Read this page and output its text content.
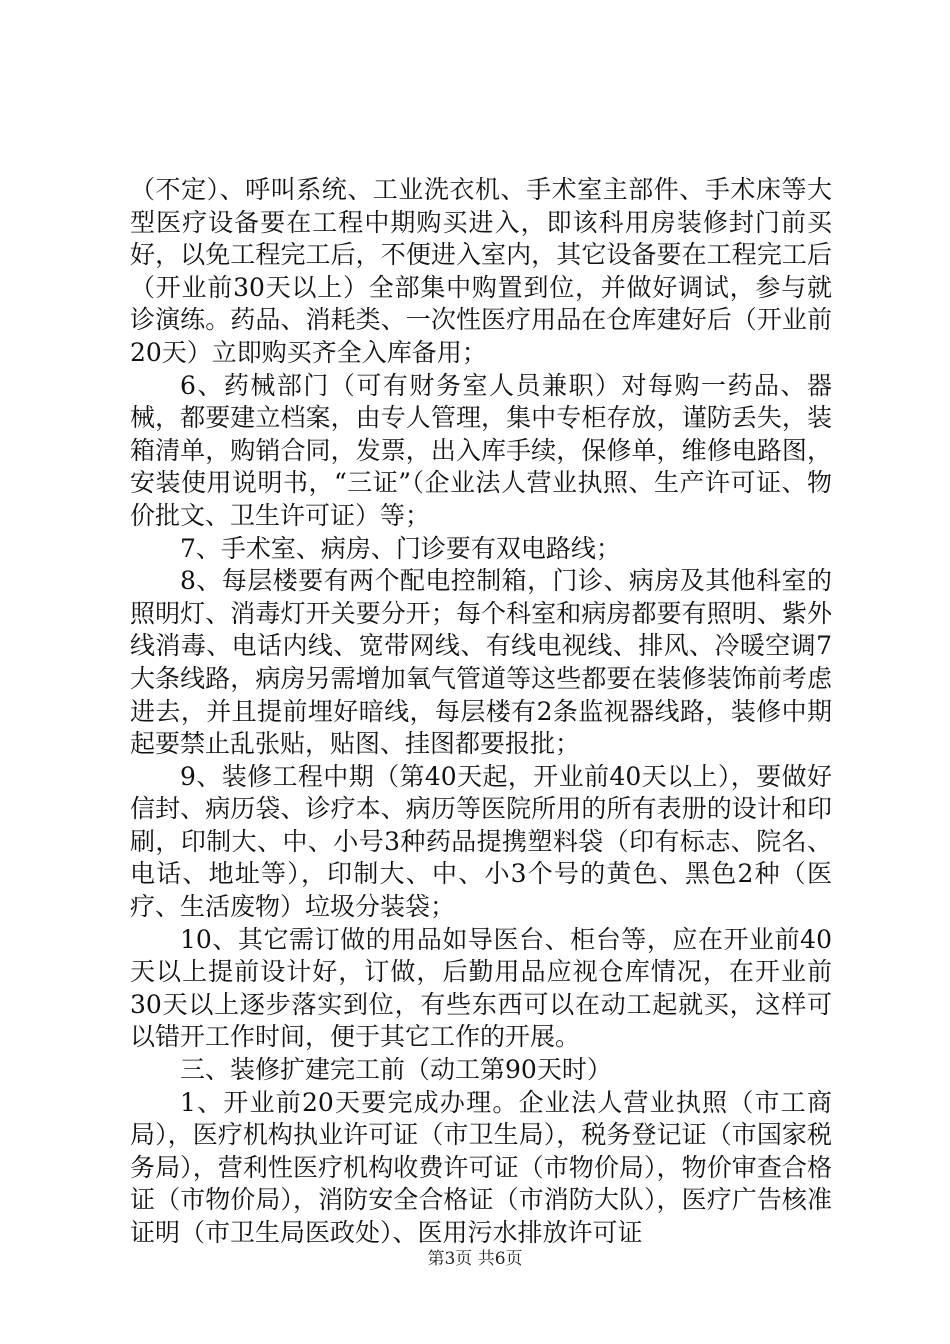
（不定）、呼叫系统、工业洗衣机、手术室主部件、手术床等大型医疗设备要在工程中期购买进入，即该科用房装修封门前买好，以免工程完工后，不便进入室内，其它设备要在工程完工后（开业前30天以上）全部集中购置到位，并做好调试，参与就诊演练。药品、消耗类、一次性医疗用品在仓库建好后（开业前20天）立即购买齐全入库备用；

6、药械部门（可有财务室人员兼职）对每购一药品、器械，都要建立档案，由专人管理，集中专柜存放，谨防丢失，装箱清单，购销合同，发票，出入库手续，保修单，维修电路图，安装使用说明书，“三证”（企业法人营业执照、生产许可证、物价批文、卫生许可证）等；

7、手术室、病房、门诊要有双电路线；

8、每层楼要有两个配电控制箱，门诊、病房及其他科室的照明灯、消毒灯开关要分开；每个科室和病房都要有照明、紫外线消毒、电话内线、宽带网线、有线电视线、排风、冷暖空调7大条线路，病房另需增加氧气管道等这些都要在装修装饰前考虑进去，并且提前埋好暗线，每层楼有2条监视器线路，装修中期起要禁止乱张贴，贴图、挂图都要报批；

9、装修工程中期（第40天起，开业前40天以上），要做好信封、病历袋、诊疗本、病历等医院所用的所有表册的设计和印刷，印制大、中、小号3种药品提携塑料袋（印有标志、院名、电话、地址等），印制大、中、小3个号的黄色、黑色2种（医疗、生活废物）垃圾分装袋；

10、其它需订做的用品如导医台、柜台等，应在开业前40天以上提前设计好，订做，后勤用品应视仓库情况，在开业前30天以上逐步落实到位，有些东西可以在动工起就买，这样可以错开工作时间，便于其它工作的开展。

三、装修扩建完工前（动工第90天时）

1、开业前20天要完成办理。企业法人营业执照（市工商局），医疗机构执业许可证（市卫生局），税务登记证（市国家税务局），营利性医疗机构收费许可证（市物价局），物价审查合格证（市物价局），消防安全合格证（市消防大队），医疗广告核准证明（市卫生局医政处）、医用污水排放许可证

第3页 共6页
